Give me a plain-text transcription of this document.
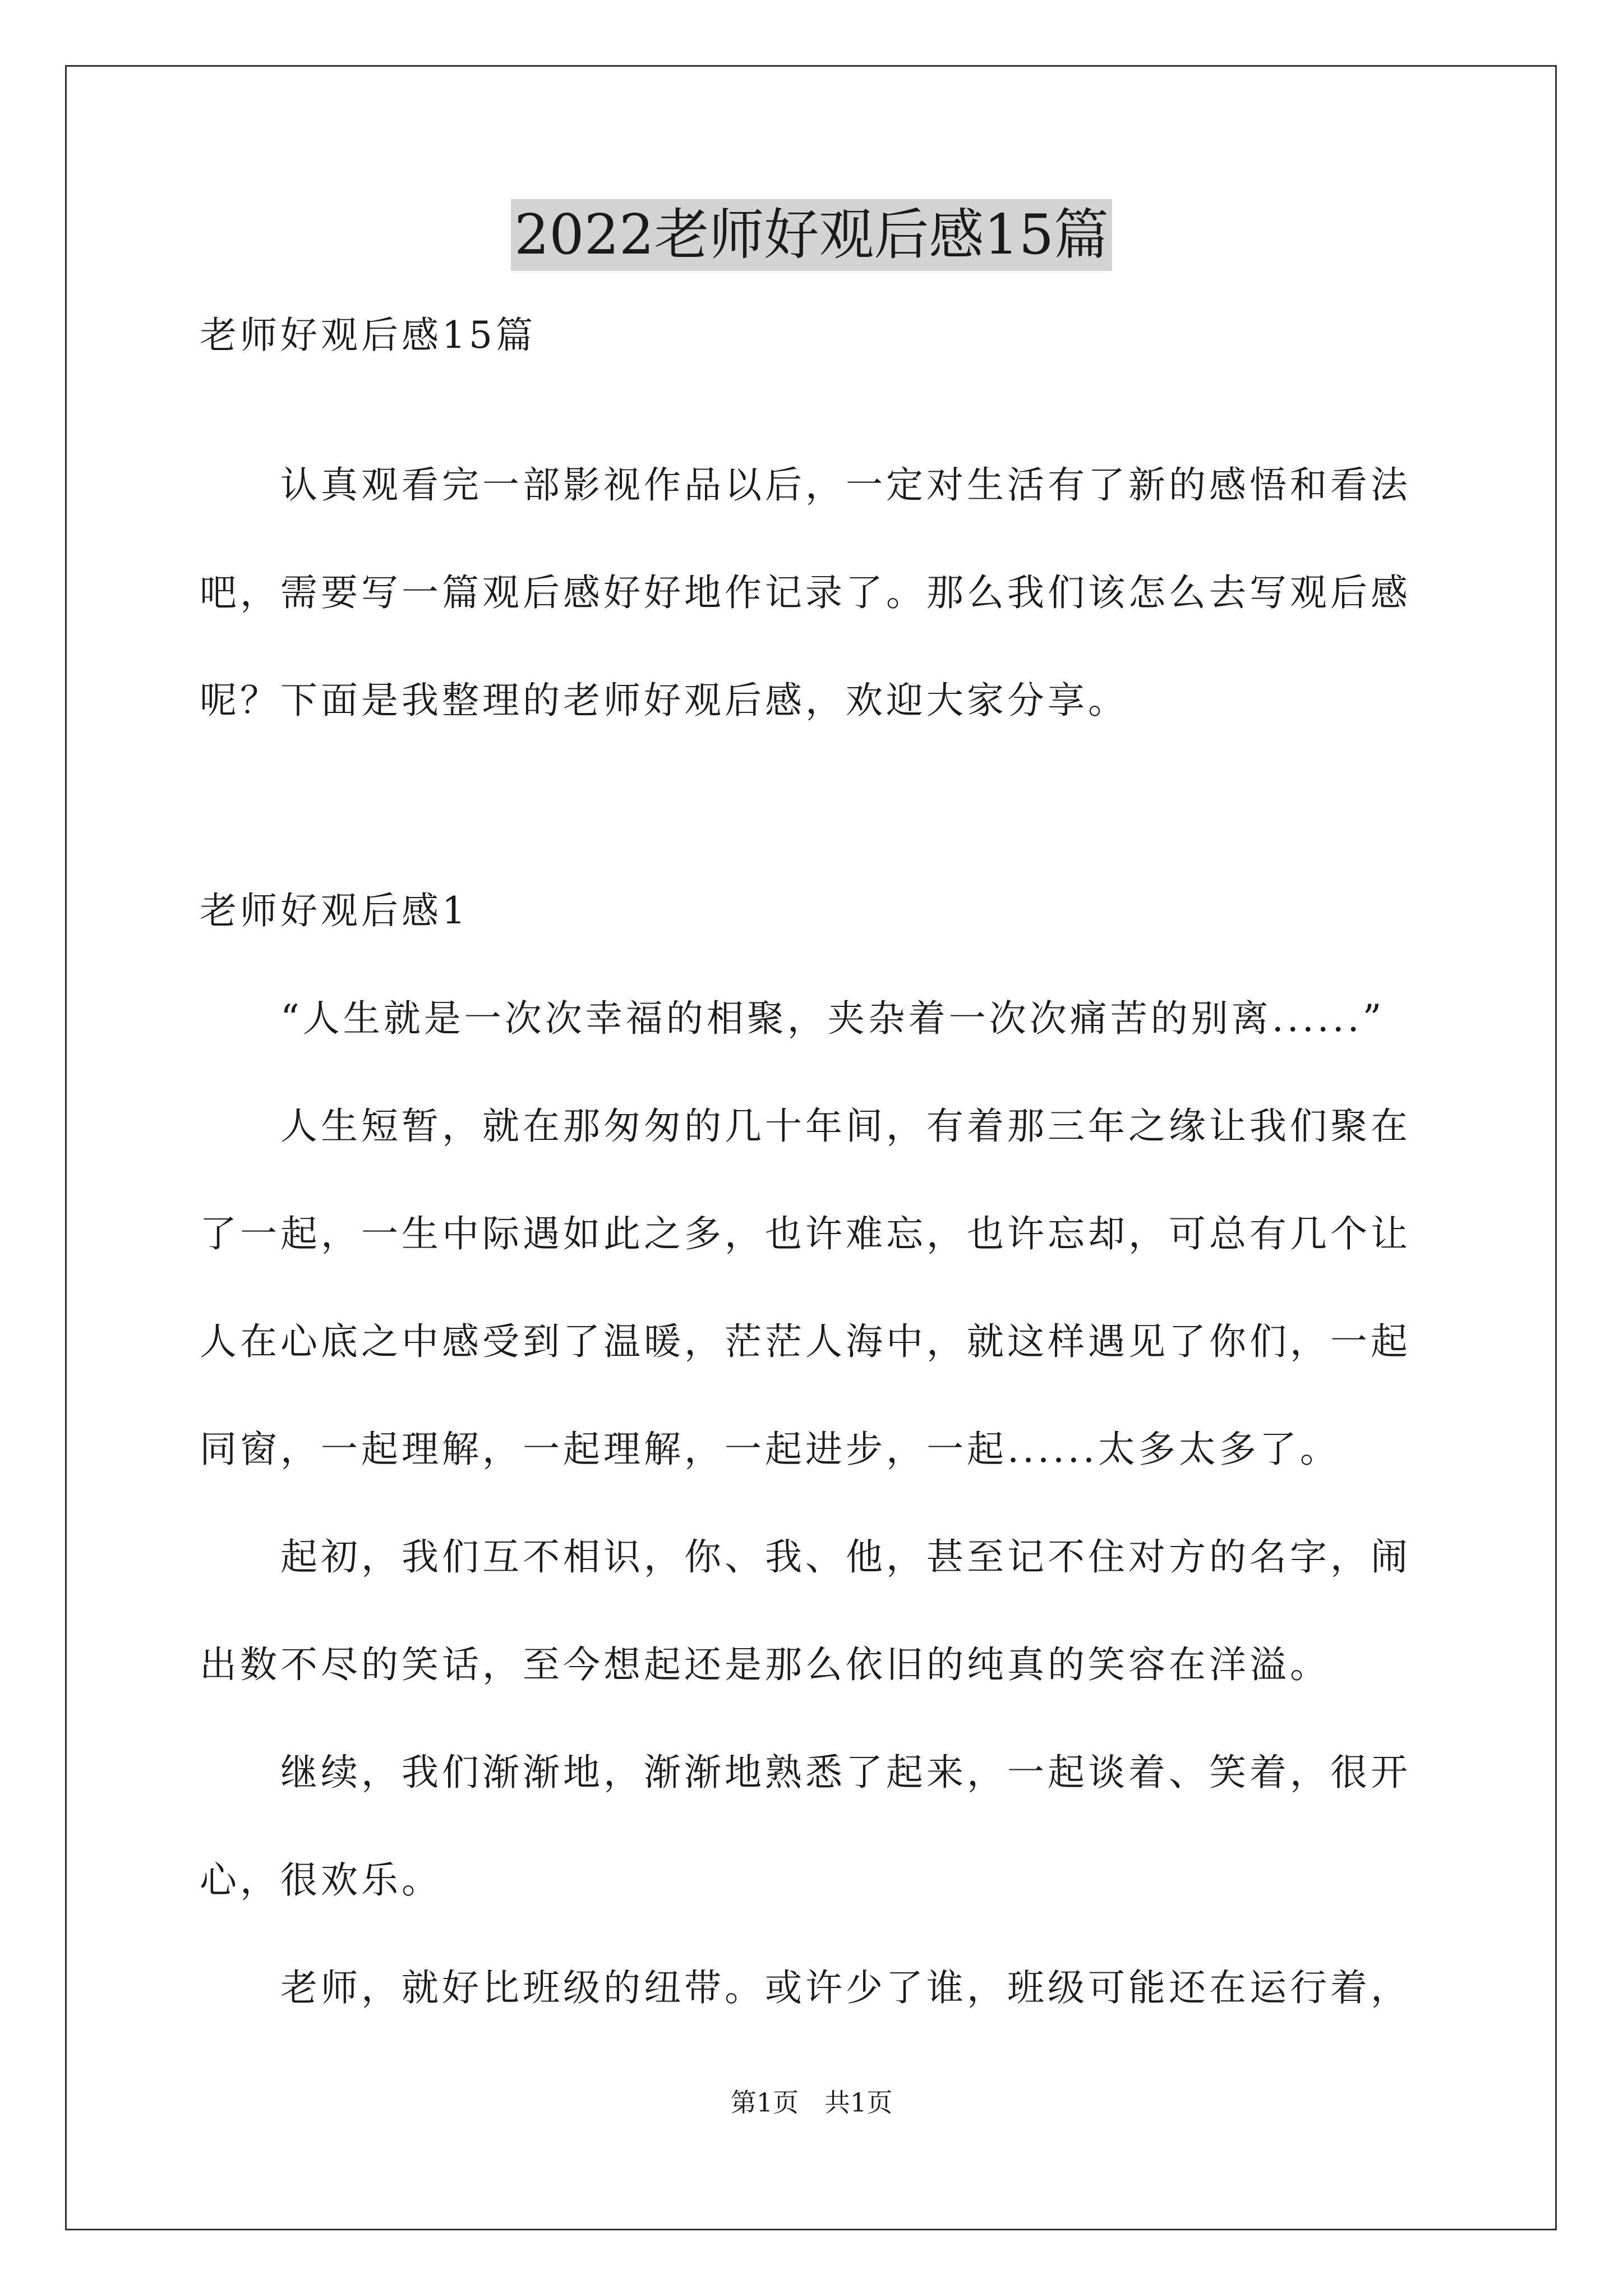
2022老师好观后感15篇

老师好观后感15篇

　　认真观看完一部影视作品以后，一定对生活有了新的感悟和看法

吧，需要写一篇观后感好好地作记录了。那么我们该怎么去写观后感

呢？下面是我整理的老师好观后感，欢迎大家分享。

老师好观后感1

　　“人生就是一次次幸福的相聚，夹杂着一次次痛苦的别离......”

　　人生短暂，就在那匆匆的几十年间，有着那三年之缘让我们聚在

了一起，一生中际遇如此之多，也许难忘，也许忘却，可总有几个让

人在心底之中感受到了温暖，茫茫人海中，就这样遇见了你们，一起

同窗，一起理解，一起理解，一起进步，一起......太多太多了。

　　起初，我们互不相识，你、我、他，甚至记不住对方的名字，闹

出数不尽的笑话，至今想起还是那么依旧的纯真的笑容在洋溢。

　　继续，我们渐渐地，渐渐地熟悉了起来，一起谈着、笑着，很开

心，很欢乐。

　　老师，就好比班级的纽带。或许少了谁，班级可能还在运行着，

第1页　共1页
